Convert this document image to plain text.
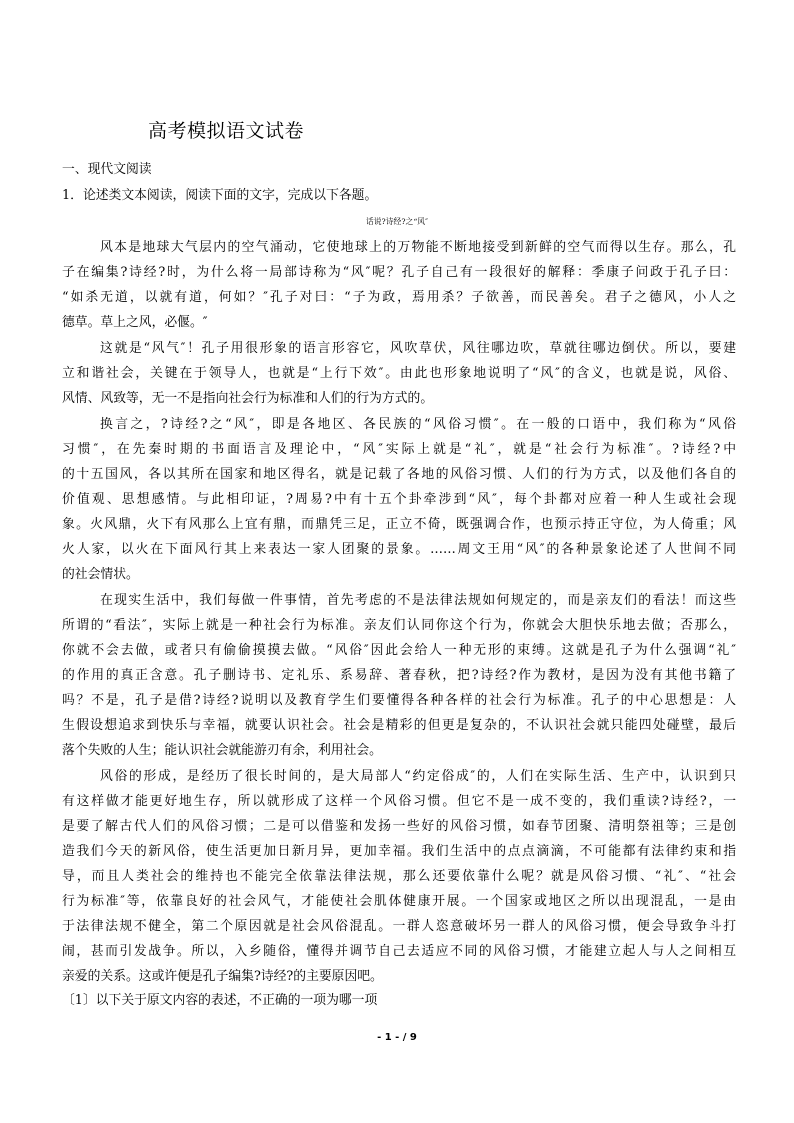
高考模拟语文试卷
一、现代文阅读
1．论述类文本阅读，阅读下面的文字，完成以下各题。
话说?诗经?之“风″
风本是地球大气层内的空气涌动，它使地球上的万物能不断地接受到新鲜的空气而得以生存。那么，孔
子在编集?诗经?时，为什么将一局部诗称为“风″呢？孔子自己有一段很好的解释：季康子问政于孔子曰：
“如杀无道，以就有道，何如？″孔子对曰：“子为政，焉用杀？子欲善，而民善矣。君子之德风，小人之
德草。草上之风，必偃。″
这就是“风气″！孔子用很形象的语言形容它，风吹草伏，风往哪边吹，草就往哪边倒伏。所以，要建
立和谐社会，关键在于领导人，也就是“上行下效″。由此也形象地说明了“风″的含义，也就是说，风俗、
风情、风致等，无一不是指向社会行为标准和人们的行为方式的。
换言之，?诗经?之“风″，即是各地区、各民族的“风俗习惯″。在一般的口语中，我们称为“风俗
习惯″，在先秦时期的书面语言及理论中，“风″实际上就是“礼″，就是“社会行为标准″。?诗经?中
的十五国风，各以其所在国家和地区得名，就是记载了各地的风俗习惯、人们的行为方式，以及他们各自的
价值观、思想感情。与此相印证，?周易?中有十五个卦牵涉到“风″，每个卦都对应着一种人生或社会现
象。火风鼎，火下有风那么上宜有鼎，而鼎凭三足，正立不倚，既强调合作，也预示持正守位，为人倚重；风
火人家，以火在下面风行其上来表达一家人团聚的景象。……周文王用“风″的各种景象论述了人世间不同
的社会情状。
在现实生活中，我们每做一件事情，首先考虑的不是法律法规如何规定的，而是亲友们的看法！而这些
所谓的“看法″，实际上就是一种社会行为标准。亲友们认同你这个行为，你就会大胆快乐地去做；否那么，
你就不会去做，或者只有偷偷摸摸去做。“风俗″因此会给人一种无形的束缚。这就是孔子为什么强调“礼″
的作用的真正含意。孔子删诗书、定礼乐、系易辞、著春秋，把?诗经?作为教材，是因为没有其他书籍了
吗？不是，孔子是借?诗经?说明以及教育学生们要懂得各种各样的社会行为标准。孔子的中心思想是：人
生假设想追求到快乐与幸福，就要认识社会。社会是精彩的但更是复杂的，不认识社会就只能四处碰壁，最后
落个失败的人生；能认识社会就能游刃有余，利用社会。
风俗的形成，是经历了很长时间的，是大局部人“约定俗成″的，人们在实际生活、生产中，认识到只
有这样做才能更好地生存，所以就形成了这样一个风俗习惯。但它不是一成不变的，我们重读?诗经?，一
是要了解古代人们的风俗习惯；二是可以借鉴和发扬一些好的风俗习惯，如春节团聚、清明祭祖等；三是创
造我们今天的新风俗，使生活更加日新月异，更加幸福。我们生活中的点点滴滴，不可能都有法律约束和指
导，而且人类社会的维持也不能完全依靠法律法规，那么还要依靠什么呢？就是风俗习惯、“礼″、“社会
行为标准″等，依靠良好的社会风气，才能使社会肌体健康开展。一个国家或地区之所以出现混乱，一是由
于法律法规不健全，第二个原因就是社会风俗混乱。一群人恣意破坏另一群人的风俗习惯，便会导致争斗打
闹，甚而引发战争。所以，入乡随俗，懂得并调节自己去适应不同的风俗习惯，才能建立起人与人之间相互
亲爱的关系。这或许便是孔子编集?诗经?的主要原因吧。
〔1〕以下关于原文内容的表述，不正确的一项为哪一项
- 1 - / 9
